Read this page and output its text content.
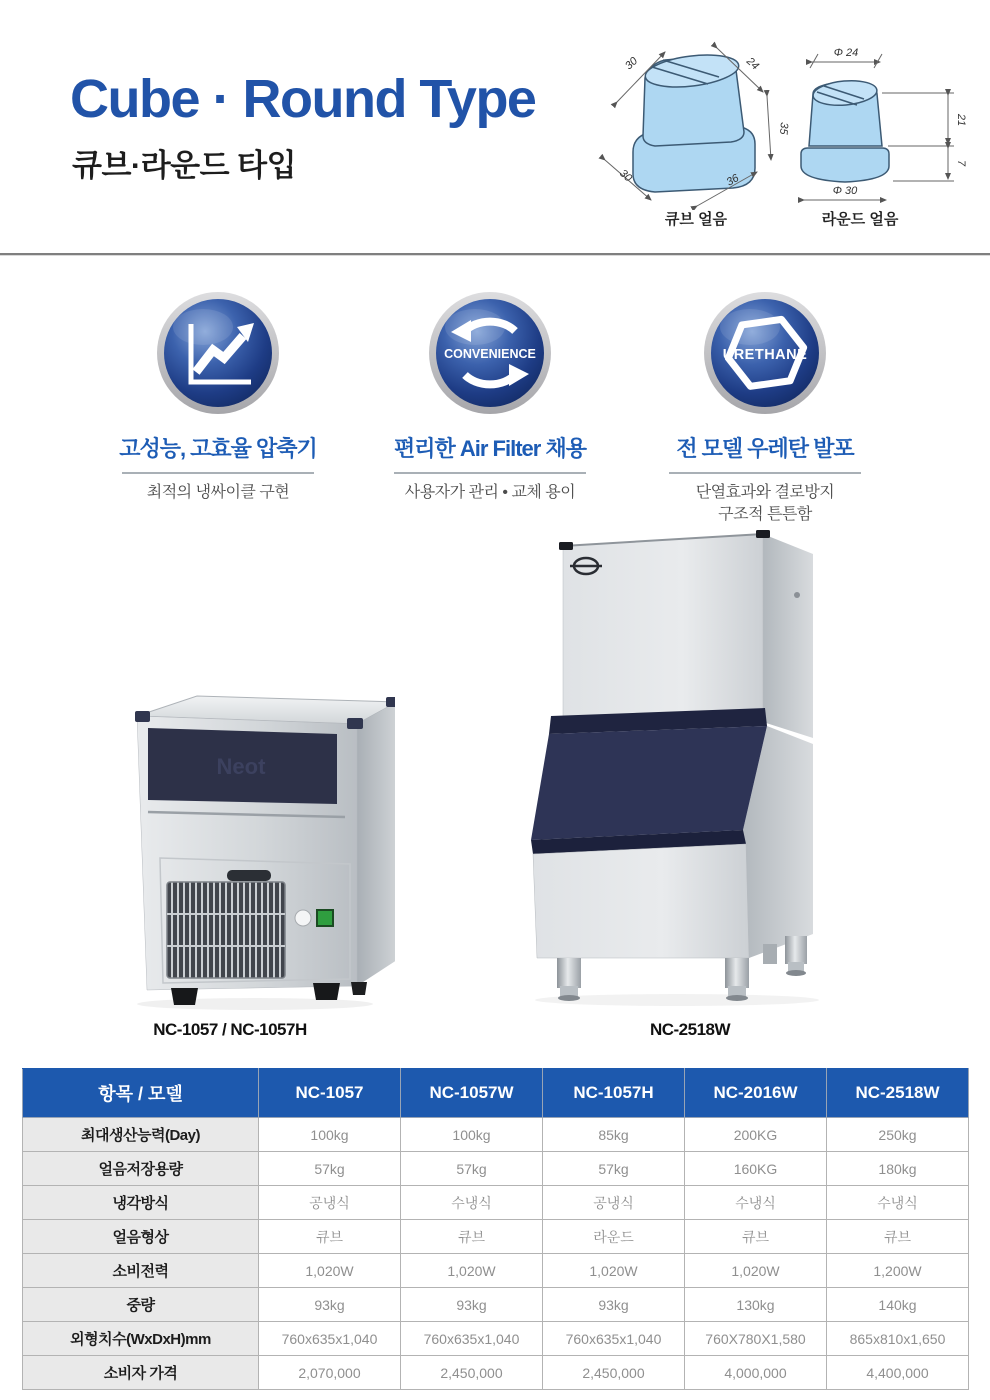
Cube · Round Type
큐브·라운드 타입
30	24
35
30	36
큐브 얼음
Φ 24
21
7
Φ 30
라운드 얼음
고성능, 고효율 압축기
최적의 냉싸이클 구현
CONVENIENCE
편리한 Air Filter 채용
사용자가 관리 • 교체 용이
URETHANE
전 모델 우레탄 발포
단열효과와 결로방지
구조적 튼튼함
Neot
NC-1057 / NC-1057H	NC-2518W
항목 / 모델	NC-1057	NC-1057W	NC-1057H	NC-2016W	NC-2518W
최대생산능력(Day)	100kg	100kg	85kg	200KG	250kg
얼음저장용량	57kg	57kg	57kg	160KG	180kg
냉각방식	공냉식	수냉식	공냉식	수냉식	수냉식
얼음형상	큐브	큐브	라운드	큐브	큐브
소비전력	1,020W	1,020W	1,020W	1,020W	1,200W
중량	93kg	93kg	93kg	130kg	140kg
외형치수(WxDxH)mm	760x635x1,040	760x635x1,040	760x635x1,040	760X780X1,580	865x810x1,650
소비자 가격	2,070,000	2,450,000	2,450,000	4,000,000	4,400,000
